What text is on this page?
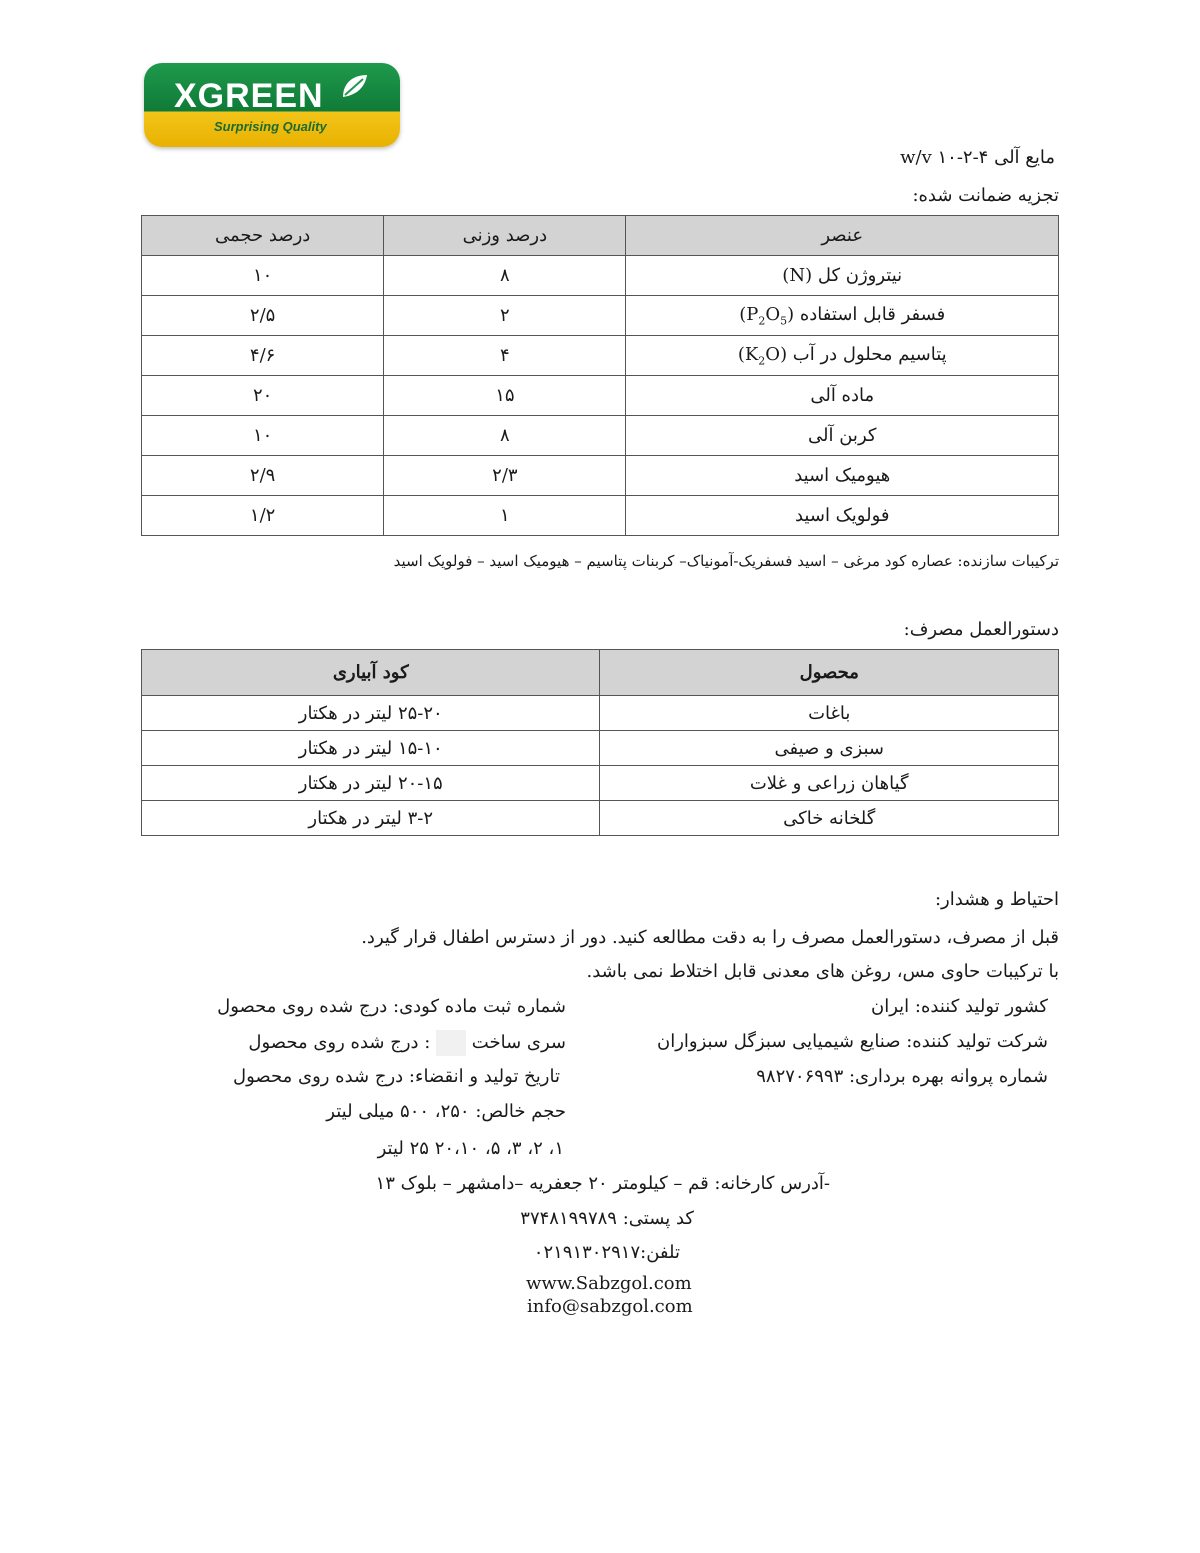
XGREEN
Surprising Quality
مایع آلی ۴-۲-۱۰ w/v
تجزیه ضمانت شده:
عنصر	درصد وزنی	درصد حجمی
نیتروژن کل (N)	۸	۱۰
فسفر قابل استفاده $(P_2O_5)$	۲	۲/۵
پتاسیم محلول در آب $(K_2O)$	۴	۴/۶
ماده آلی	۱۵	۲۰
کربن آلی	۸	۱۰
هیومیک اسید	۲/۳	۲/۹
فولویک اسید	۱	۱/۲
ترکیبات سازنده: عصاره کود مرغی – اسید فسفریک-آمونیاک– کربنات پتاسیم – هیومیک اسید – فولویک اسید
دستورالعمل مصرف:
محصول	کود آبیاری
باغات	۲۵-۲۰ لیتر در هکتار
سبزی و صیفی	۱۵-۱۰ لیتر در هکتار
گیاهان زراعی و غلات	۲۰-۱۵ لیتر در هکتار
گلخانه خاکی	۳-۲ لیتر در هکتار
احتیاط و هشدار:
قبل از مصرف، دستورالعمل مصرف را به دقت مطالعه کنید. دور از دسترس اطفال قرار گیرد.
با ترکیبات حاوی مس، روغن های معدنی قابل اختلاط نمی باشد.
کشور تولید کننده: ایران
شرکت تولید کننده: صنایع شیمیایی سبزگل سبزواران
شماره پروانه بهره برداری: ۹۸۲۷۰۶۹۹۳
شماره ثبت ماده کودی: درج شده روی محصول
سری ساخت  : درج شده روی محصول
تاریخ تولید و انقضاء: درج شده روی محصول
حجم خالص: ۲۵۰، ۵۰۰ میلی لیتر
۱، ۲، ۳، ۵، ۲۰،۱۰ ۲۵ لیتر
-آدرس کارخانه: قم – کیلومتر ۲۰ جعفریه –دامشهر – بلوک ۱۳
کد پستی: ۳۷۴۸۱۹۹۷۸۹
تلفن:۰۲۱۹۱۳۰۲۹۱۷
www.Sabzgol.com
info@sabzgol.com
